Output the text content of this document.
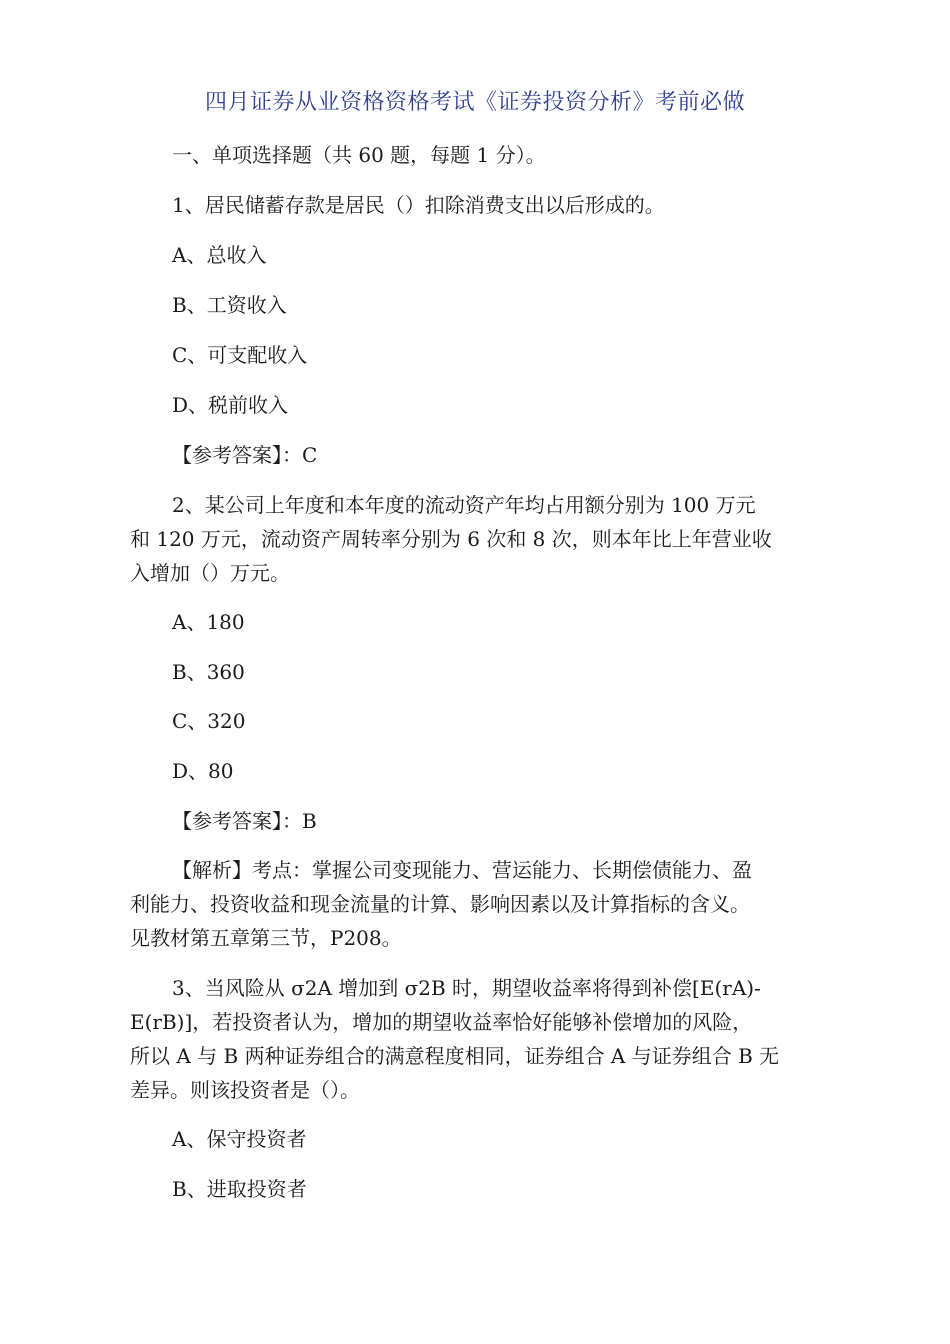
四月证券从业资格资格考试《证券投资分析》考前必做
一、单项选择题（共 60 题，每题 1 分）。
1、居民储蓄存款是居民（）扣除消费支出以后形成的。
A、总收入
B、工资收入
C、可支配收入
D、税前收入
【参考答案】：C
2、某公司上年度和本年度的流动资产年均占用额分别为 100 万元
和 120 万元，流动资产周转率分别为 6 次和 8 次，则本年比上年营业收
入增加（）万元。
A、180
B、360
C、320
D、80
【参考答案】：B
【解析】考点：掌握公司变现能力、营运能力、长期偿债能力、盈
利能力、投资收益和现金流量的计算、影响因素以及计算指标的含义。
见教材第五章第三节，P208。
3、当风险从 σ2A 增加到 σ2B 时，期望收益率将得到补偿[E(rA)-
E(rB)]，若投资者认为，增加的期望收益率恰好能够补偿增加的风险，
所以 A 与 B 两种证券组合的满意程度相同，证券组合 A 与证券组合 B 无
差异。则该投资者是（）。
A、保守投资者
B、进取投资者
